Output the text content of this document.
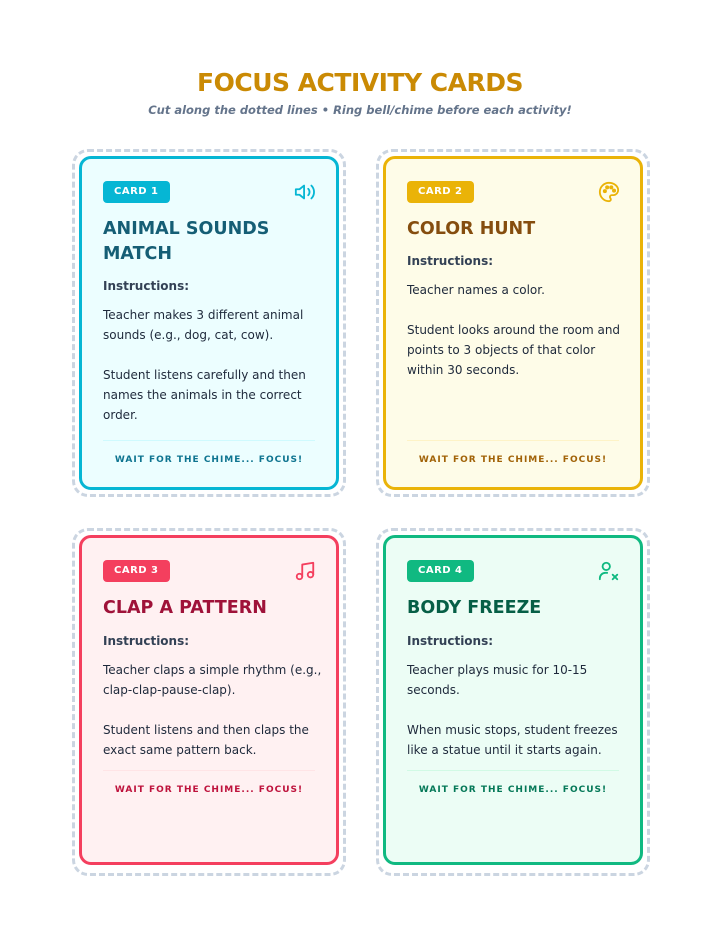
FOCUS ACTIVITY CARDS
Cut along the dotted lines • Ring bell/chime before each activity!
CARD 1
ANIMAL SOUNDS MATCH
Instructions:

Teacher makes 3 different animal sounds (e.g., dog, cat, cow).

Student listens carefully and then names the animals in the correct order.

WAIT FOR THE CHIME... FOCUS!
CARD 2
COLOR HUNT
Instructions:

Teacher names a color.

Student looks around the room and points to 3 objects of that color within 30 seconds.

WAIT FOR THE CHIME... FOCUS!
CARD 3
CLAP A PATTERN
Instructions:

Teacher claps a simple rhythm (e.g., clap-clap-pause-clap).

Student listens and then claps the exact same pattern back.

WAIT FOR THE CHIME... FOCUS!
CARD 4
BODY FREEZE
Instructions:

Teacher plays music for 10-15 seconds.

When music stops, student freezes like a statue until it starts again.

WAIT FOR THE CHIME... FOCUS!
